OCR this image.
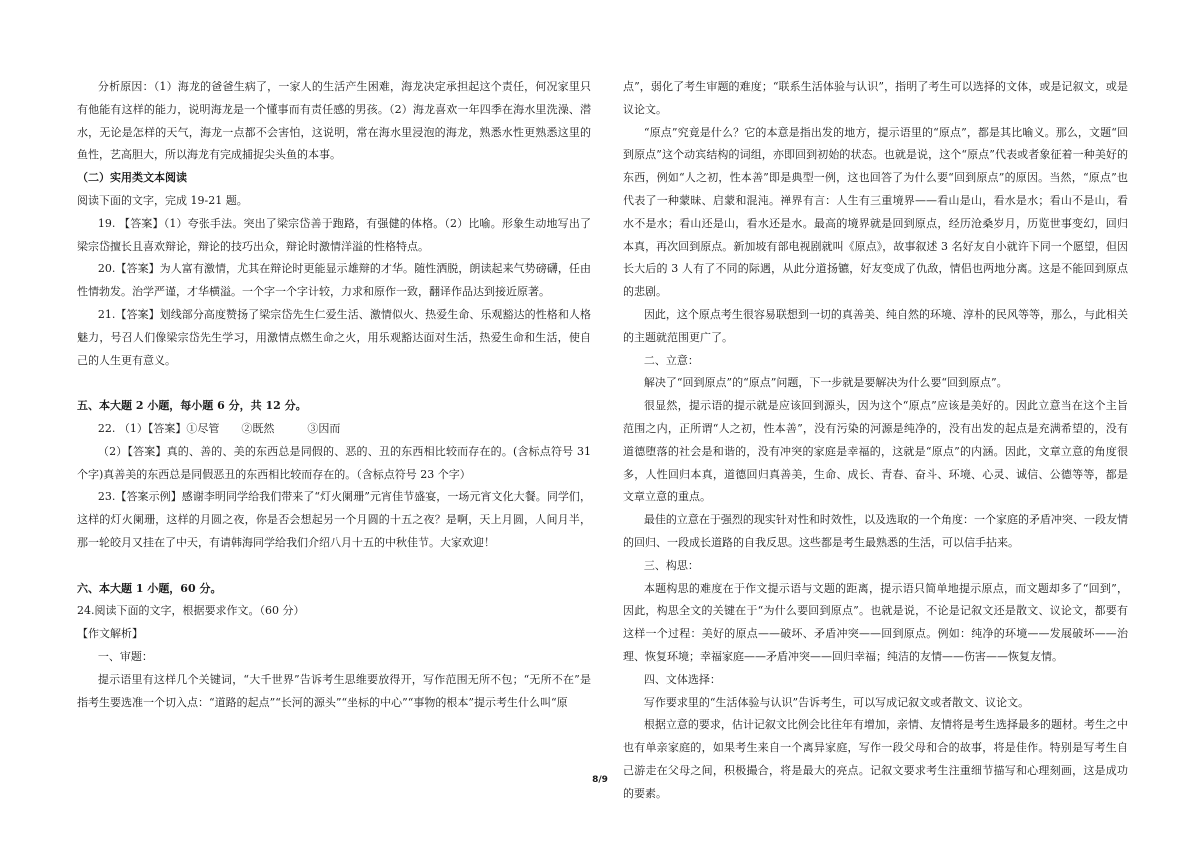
分析原因：（1）海龙的爸爸生病了，一家人的生活产生困难，海龙决定承担起这个责任，何况家里只有他能有这样的能力，说明海龙是一个懂事而有责任感的男孩。（2）海龙喜欢一年四季在海水里洗澡、潜水，无论是怎样的天气，海龙一点都不会害怕，这说明，常在海水里浸泡的海龙，熟悉水性更熟悉这里的鱼性，艺高胆大，所以海龙有完成捕捉尖头鱼的本事。

（二）实用类文本阅读

阅读下面的文字，完成 19-21 题。

19. 【答案】（1）夸张手法。突出了梁宗岱善于跑路，有强健的体格。（2）比喻。形象生动地写出了梁宗岱擅长且喜欢辩论，辩论的技巧出众，辩论时激情洋溢的性格特点。

20.【答案】为人富有激情，尤其在辩论时更能显示雄辩的才华。随性洒脱，朗读起来气势磅礴，任由性情勃发。治学严谨，才华横溢。一个字一个字计较，力求和原作一致，翻译作品达到接近原著。

21.【答案】划线部分高度赞扬了梁宗岱先生仁爱生活、激情似火、热爱生命、乐观豁达的性格和人格魅力，号召人们像梁宗岱先生学习，用激情点燃生命之火，用乐观豁达面对生活，热爱生命和生活，使自己的人生更有意义。

五、本大题 2 小题，每小题 6 分，共 12 分。

22. （1）【答案】①尽管　　②既然　　　③因而

（2）【答案】真的、善的、美的东西总是同假的、恶的、丑的东西相比较而存在的。(含标点符号 31 个字)真善美的东西总是同假恶丑的东西相比较而存在的。（含标点符号 23 个字）

23.【答案示例】感谢李明同学给我们带来了“灯火阑珊”元宵佳节盛宴，一场元宵文化大餐。同学们，这样的灯火阑珊，这样的月圆之夜，你是否会想起另一个月圆的十五之夜？是啊，天上月圆，人间月半，那一轮皎月又挂在了中天，有请韩海同学给我们介绍八月十五的中秋佳节。大家欢迎！

六、本大题 1 小题，60 分。

24.阅读下面的文字，根据要求作文。（60 分）

【作文解析】

一、审题：

提示语里有这样几个关键词，“大千世界”告诉考生思维要放得开，写作范围无所不包；“无所不在”是指考生要选准一个切入点：“道路的起点”“长河的源头”“坐标的中心”“事物的根本”提示考生什么叫“原

点”，弱化了考生审题的难度；“联系生活体验与认识”，指明了考生可以选择的文体，或是记叙文，或是议论文。

“原点”究竟是什么？它的本意是指出发的地方，提示语里的“原点”，都是其比喻义。那么，文题“回到原点”这个动宾结构的词组，亦即回到初始的状态。也就是说，这个“原点”代表或者象征着一种美好的东西，例如“人之初，性本善”即是典型一例，这也回答了为什么要“回到原点”的原因。当然，“原点”也代表了一种蒙昧、启蒙和混沌。禅界有言：人生有三重境界——看山是山，看水是水；看山不是山，看水不是水；看山还是山，看水还是水。最高的境界就是回到原点，经历沧桑岁月，历览世事变幻，回归本真，再次回到原点。新加坡有部电视剧就叫《原点》，故事叙述 3 名好友自小就许下同一个愿望，但因长大后的 3 人有了不同的际遇，从此分道扬镳，好友变成了仇敌，情侣也两地分离。这是不能回到原点的悲剧。

因此，这个原点考生很容易联想到一切的真善美、纯自然的环境、淳朴的民风等等，那么，与此相关的主题就范围更广了。

二、立意：

解决了“回到原点”的“原点”问题，下一步就是要解决为什么要“回到原点”。

很显然，提示语的提示就是应该回到源头，因为这个“原点”应该是美好的。因此立意当在这个主旨范围之内，正所谓“人之初，性本善”，没有污染的河源是纯净的，没有出发的起点是充满希望的，没有道德堕落的社会是和谐的，没有冲突的家庭是幸福的，这就是“原点”的内涵。因此，文章立意的角度很多，人性回归本真，道德回归真善美，生命、成长、青春、奋斗、环境、心灵、诚信、公德等等，都是文章立意的重点。

最佳的立意在于强烈的现实针对性和时效性，以及选取的一个角度：一个家庭的矛盾冲突、一段友情的回归、一段成长道路的自我反思。这些都是考生最熟悉的生活，可以信手拈来。

三、构思：

本题构思的难度在于作文提示语与文题的距离，提示语只简单地提示原点，而文题却多了“回到”，因此，构思全文的关键在于“为什么要回到原点”。也就是说，不论是记叙文还是散文、议论文，都要有这样一个过程：美好的原点——破坏、矛盾冲突——回到原点。例如：纯净的环境——发展破坏——治理、恢复环境；幸福家庭——矛盾冲突——回归幸福；纯洁的友情——伤害——恢复友情。

四、文体选择：

写作要求里的“生活体验与认识”告诉考生，可以写成记叙文或者散文、议论文。

根据立意的要求，估计记叙文比例会比往年有增加，亲情、友情将是考生选择最多的题材。考生之中也有单亲家庭的，如果考生来自一个离异家庭，写作一段父母和合的故事，将是佳作。特别是写考生自己游走在父母之间，积极撮合，将是最大的亮点。记叙文要求考生注重细节描写和心理刻画，这是成功的要素。

8/9
